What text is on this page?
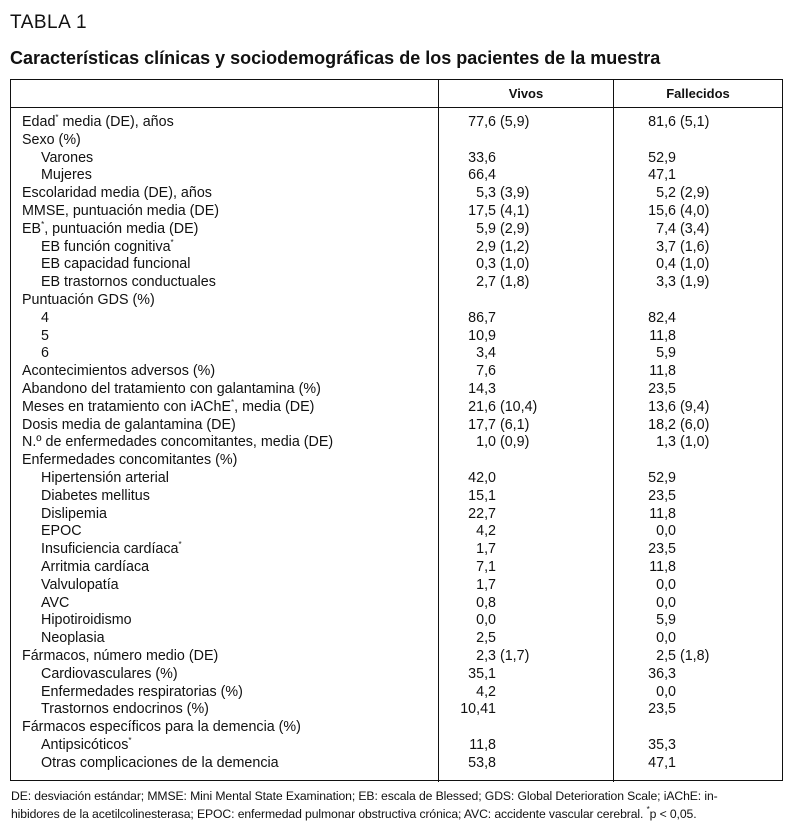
TABLA 1
Características clínicas y sociodemográficas de los pacientes de la muestra
Vivos	Fallecidos
Edad* media (DE), años	77,6 (5,9)	81,6 (5,1)
Sexo (%)
Varones	33,6	52,9
Mujeres	66,4	47,1
Escolaridad media (DE), años	5,3 (3,9)	5,2 (2,9)
MMSE, puntuación media (DE)	17,5 (4,1)	15,6 (4,0)
EB*, puntuación media (DE)	5,9 (2,9)	7,4 (3,4)
EB función cognitiva*	2,9 (1,2)	3,7 (1,6)
EB capacidad funcional	0,3 (1,0)	0,4 (1,0)
EB trastornos conductuales	2,7 (1,8)	3,3 (1,9)
Puntuación GDS (%)
4	86,7	82,4
5	10,9	11,8
6	3,4	5,9
Acontecimientos adversos (%)	7,6	11,8
Abandono del tratamiento con galantamina (%)	14,3	23,5
Meses en tratamiento con iAChE*, media (DE)	21,6 (10,4)	13,6 (9,4)
Dosis media de galantamina (DE)	17,7 (6,1)	18,2 (6,0)
N.º de enfermedades concomitantes, media (DE)	1,0 (0,9)	1,3 (1,0)
Enfermedades concomitantes (%)
Hipertensión arterial	42,0	52,9
Diabetes mellitus	15,1	23,5
Dislipemia	22,7	11,8
EPOC	4,2	0,0
Insuficiencia cardíaca*	1,7	23,5
Arritmia cardíaca	7,1	11,8
Valvulopatía	1,7	0,0
AVC	0,8	0,0
Hipotiroidismo	0,0	5,9
Neoplasia	2,5	0,0
Fármacos, número medio (DE)	2,3 (1,7)	2,5 (1,8)
Cardiovasculares (%)	35,1	36,3
Enfermedades respiratorias (%)	4,2	0,0
Trastornos endocrinos (%)	10,41	23,5
Fármacos específicos para la demencia (%)
Antipsicóticos*	11,8	35,3
Otras complicaciones de la demencia	53,8	47,1
DE: desviación estándar; MMSE: Mini Mental State Examination; EB: escala de Blessed; GDS: Global Deterioration Scale; iAChE: in-
hibidores de la acetilcolinesterasa; EPOC: enfermedad pulmonar obstructiva crónica; AVC: accidente vascular cerebral. *p < 0,05.
